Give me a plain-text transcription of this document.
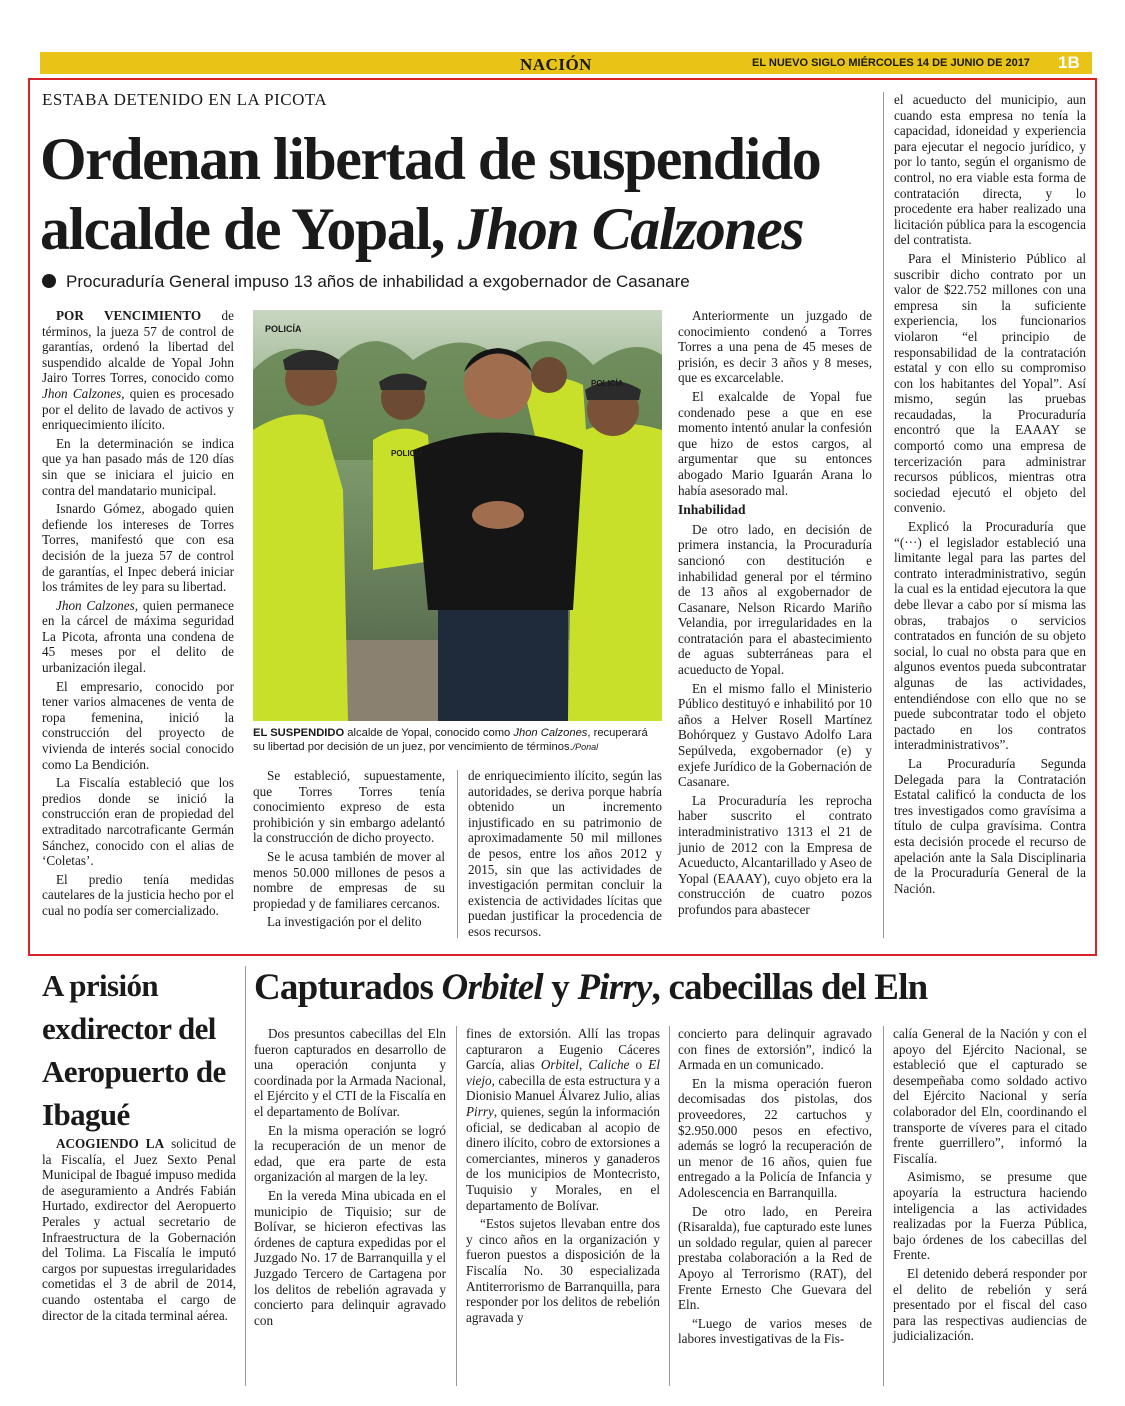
NACIÓN	EL NUEVO SIGLO MIÉRCOLES 14 DE JUNIO DE 2017 1B
ESTABA DETENIDO EN LA PICOTA
Ordenan libertad de suspendido
alcalde de Yopal, Jhon Calzones
Procuraduría General impuso 13 años de inhabilidad a exgobernador de Casanare

POR VENCIMIENTO de términos, la jueza 57 de control de garantías, ordenó la libertad del suspendido alcalde de Yopal John Jairo Torres Torres, conocido como Jhon Calzones, quien es procesado por el delito de lavado de activos y enriquecimiento ilícito.

En la determinación se indica que ya han pasado más de 120 días sin que se iniciara el juicio en contra del mandatario municipal.

Isnardo Gómez, abogado quien defiende los intereses de Torres Torres, manifestó que con esa decisión de la jueza 57 de control de garantías, el Inpec deberá iniciar los trámites de ley para su libertad.

Jhon Calzones, quien permanece en la cárcel de máxima seguridad La Picota, afronta una condena de 45 meses por el delito de urbanización ilegal.

El empresario, conocido por tener varios almacenes de venta de ropa femenina, inició la construcción del proyecto de vivienda de interés social conocido como La Bendición.

La Fiscalía estableció que los predios donde se inició la construcción eran de propiedad del extraditado narcotraficante Germán Sánchez, conocido con el alias de ‘Coletas’.

El predio tenía medidas cautelares de la justicia hecho por el cual no podía ser comercializado.

POLICÍA
POLICÍA
POLICÍA
EL SUSPENDIDO alcalde de Yopal, conocido como Jhon Calzones, recuperará su libertad por decisión de un juez, por vencimiento de términos./Ponal

Se estableció, supuestamente, que Torres Torres tenía conocimiento expreso de esta prohibición y sin embargo adelantó la construcción de dicho proyecto.

Se le acusa también de mover al menos 50.000 millones de pesos a nombre de empresas de su propiedad y de familiares cercanos.

La investigación por el delito

de enriquecimiento ilícito, según las autoridades, se deriva porque habría obtenido un incremento injustificado en su patrimonio de aproximadamente 50 mil millones de pesos, entre los años 2012 y 2015, sin que las actividades de investigación permitan concluir la existencia de actividades lícitas que puedan justificar la procedencia de esos recursos.

Anteriormente un juzgado de conocimiento condenó a Torres Torres a una pena de 45 meses de prisión, es decir 3 años y 8 meses, que es excarcelable.

El exalcalde de Yopal fue condenado pese a que en ese momento intentó anular la confesión que hizo de estos cargos, al argumentar que su entonces abogado Mario Iguarán Arana lo había asesorado mal.

Inhabilidad

De otro lado, en decisión de primera instancia, la Procuraduría sancionó con destitución e inhabilidad general por el término de 13 años al exgobernador de Casanare, Nelson Ricardo Mariño Velandia, por irregularidades en la contratación para el abastecimiento de aguas subterráneas para el acueducto de Yopal.

En el mismo fallo el Ministerio Público destituyó e inhabilitó por 10 años a Helver Rosell Martínez Bohórquez y Gustavo Adolfo Lara Sepúlveda, exgobernador (e) y exjefe Jurídico de la Gobernación de Casanare.

La Procuraduría les reprocha haber suscrito el contrato interadministrativo 1313 el 21 de junio de 2012 con la Empresa de Acueducto, Alcantarillado y Aseo de Yopal (EAAAY), cuyo objeto era la construcción de cuatro pozos profundos para abastecer

el acueducto del municipio, aun cuando esta empresa no tenía la capacidad, idoneidad y experiencia para ejecutar el negocio jurídico, y por lo tanto, según el organismo de control, no era viable esta forma de contratación directa, y lo procedente era haber realizado una licitación pública para la escogencia del contratista.

Para el Ministerio Público al suscribir dicho contrato por un valor de $22.752 millones con una empresa sin la suficiente experiencia, los funcionarios violaron “el principio de responsabilidad de la contratación estatal y con ello su compromiso con los habitantes del Yopal”. Así mismo, según las pruebas recaudadas, la Procuraduría encontró que la EAAAY se comportó como una empresa de tercerización para administrar recursos públicos, mientras otra sociedad ejecutó el objeto del convenio.

Explicó la Procuraduría que “(···) el legislador estableció una limitante legal para las partes del contrato interadministrativo, según la cual es la entidad ejecutora la que debe llevar a cabo por sí misma las obras, trabajos o servicios contratados en función de su objeto social, lo cual no obsta para que en algunos eventos pueda subcontratar algunas de las actividades, entendiéndose con ello que no se puede subcontratar todo el objeto pactado en los contratos interadministrativos”.

La Procuraduría Segunda Delegada para la Contratación Estatal calificó la conducta de los tres investigados como gravísima a título de culpa gravísima. Contra esta decisión procede el recurso de apelación ante la Sala Disciplinaria de la Procuraduría General de la Nación.

A prisión exdirector del Aeropuerto de Ibagué

ACOGIENDO LA solicitud de la Fiscalía, el Juez Sexto Penal Municipal de Ibagué impuso medida de aseguramiento a Andrés Fabián Hurtado, exdirector del Aeropuerto Perales y actual secretario de Infraestructura de la Gobernación del Tolima. La Fiscalía le imputó cargos por supuestas irregularidades cometidas el 3 de abril de 2014, cuando ostentaba el cargo de director de la citada terminal aérea.

Capturados Orbitel y Pirry, cabecillas del Eln

Dos presuntos cabecillas del Eln fueron capturados en desarrollo de una operación conjunta y coordinada por la Armada Nacional, el Ejército y el CTI de la Fiscalía en el departamento de Bolívar.

En la misma operación se logró la recuperación de un menor de edad, que era parte de esta organización al margen de la ley.

En la vereda Mina ubicada en el municipio de Tiquisio; sur de Bolívar, se hicieron efectivas las órdenes de captura expedidas por el Juzgado No. 17 de Barranquilla y el Juzgado Tercero de Cartagena por los delitos de rebelión agravada y concierto para delinquir agravado con

fines de extorsión. Allí las tropas capturaron a Eugenio Cáceres García, alias Orbitel, Caliche o El viejo, cabecilla de esta estructura y a Dionisio Manuel Álvarez Julio, alias Pirry, quienes, según la información oficial, se dedicaban al acopio de dinero ilícito, cobro de extorsiones a comerciantes, mineros y ganaderos de los municipios de Montecristo, Tuquisio y Morales, en el departamento de Bolívar.

“Estos sujetos llevaban entre dos y cinco años en la organización y fueron puestos a disposición de la Fiscalía No. 30 especializada Antiterrorismo de Barranquilla, para responder por los delitos de rebelión agravada y

concierto para delinquir agravado con fines de extorsión”, indicó la Armada en un comunicado.

En la misma operación fueron decomisadas dos pistolas, dos proveedores, 22 cartuchos y $2.950.000 pesos en efectivo, además se logró la recuperación de un menor de 16 años, quien fue entregado a la Policía de Infancia y Adolescencia en Barranquilla.

De otro lado, en Pereira (Risaralda), fue capturado este lunes un soldado regular, quien al parecer prestaba colaboración a la Red de Apoyo al Terrorismo (RAT), del Frente Ernesto Che Guevara del Eln.

“Luego de varios meses de labores investigativas de la Fis-

calía General de la Nación y con el apoyo del Ejército Nacional, se estableció que el capturado se desempeñaba como soldado activo del Ejército Nacional y sería colaborador del Eln, coordinando el transporte de víveres para el citado frente guerrillero”, informó la Fiscalía.

Asimismo, se presume que apoyaría la estructura haciendo inteligencia a las actividades realizadas por la Fuerza Pública, bajo órdenes de los cabecillas del Frente.

El detenido deberá responder por el delito de rebelión y será presentado por el fiscal del caso para las respectivas audiencias de judicialización.
